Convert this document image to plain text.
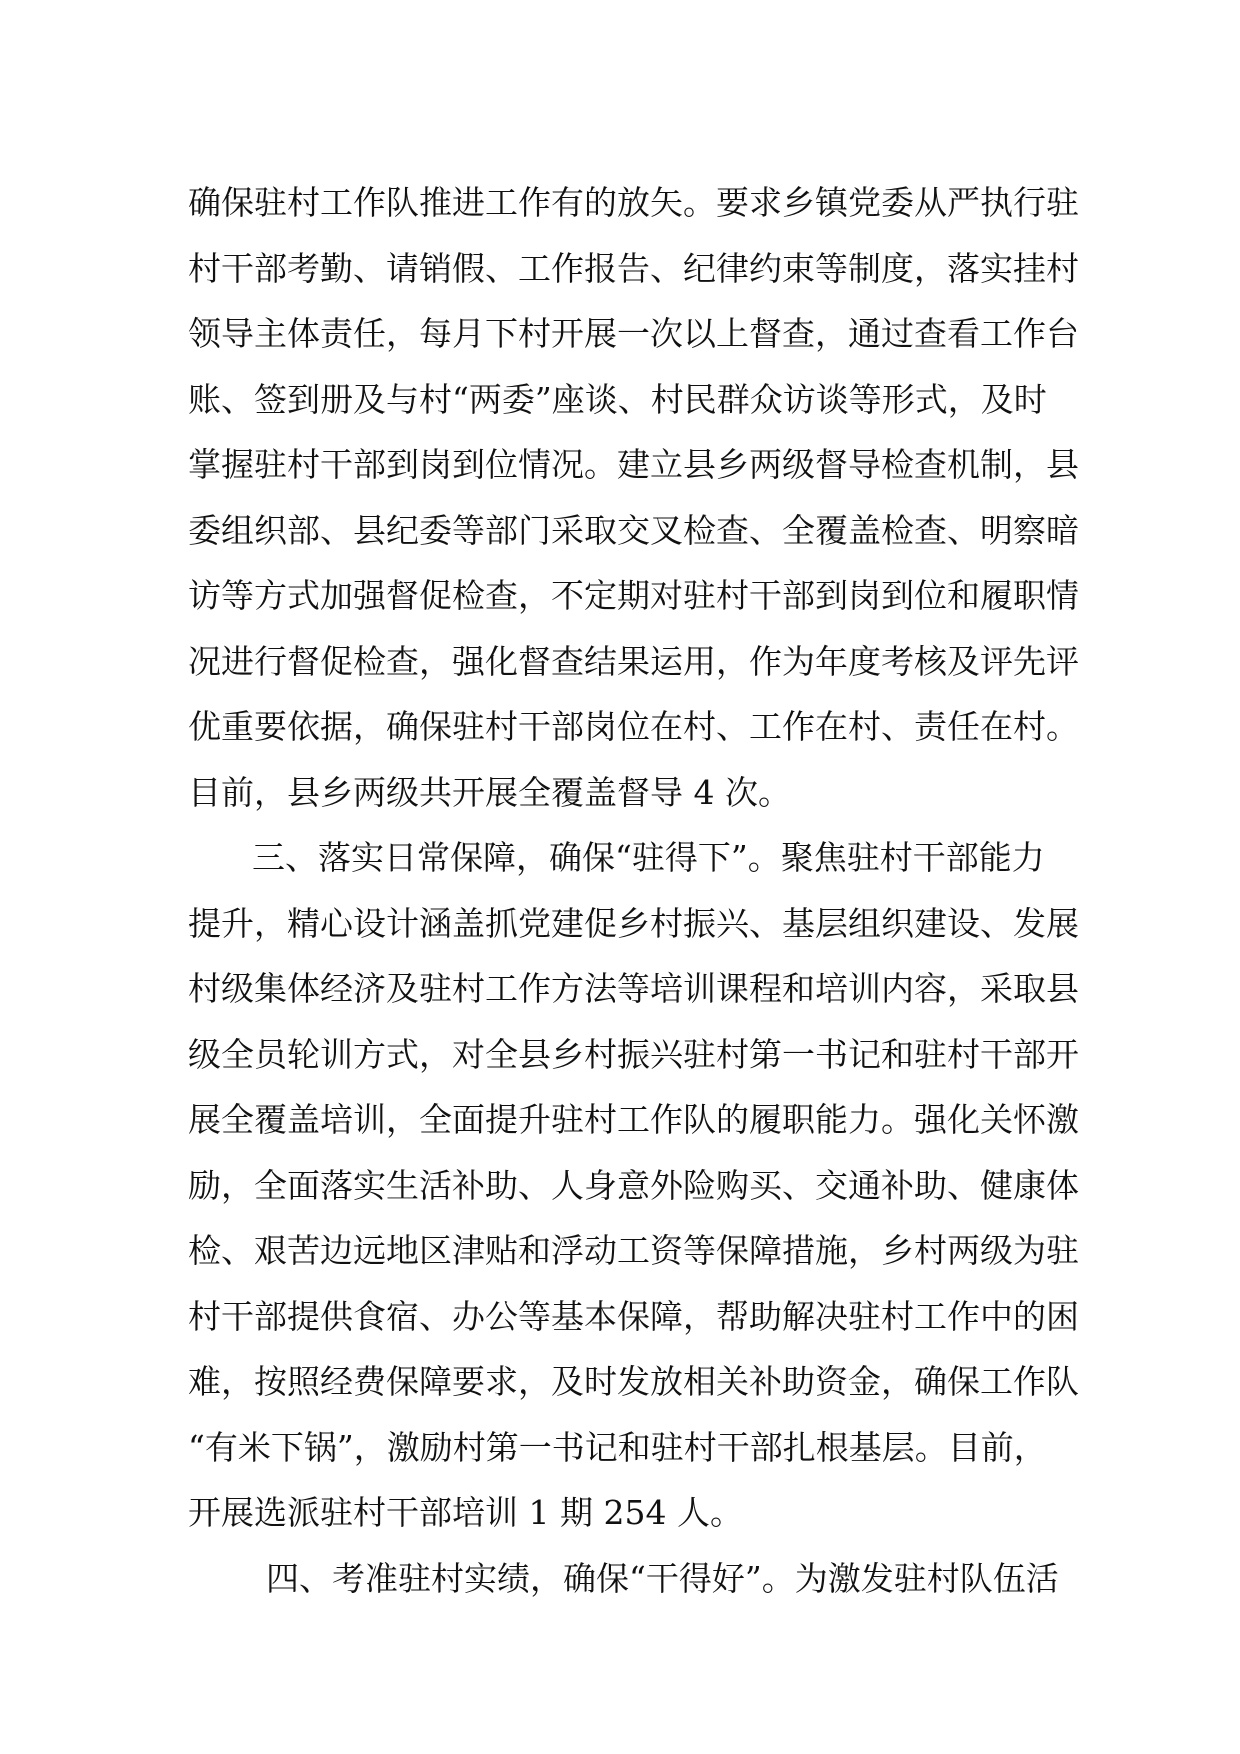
确保驻村工作队推进工作有的放矢。要求乡镇党委从严执行驻
村干部考勤、请销假、工作报告、纪律约束等制度，落实挂村
领导主体责任，每月下村开展一次以上督查，通过查看工作台
账、签到册及与村“两委”座谈、村民群众访谈等形式，及时
掌握驻村干部到岗到位情况。建立县乡两级督导检查机制，县
委组织部、县纪委等部门采取交叉检查、全覆盖检查、明察暗
访等方式加强督促检查，不定期对驻村干部到岗到位和履职情
况进行督促检查，强化督查结果运用，作为年度考核及评先评
优重要依据，确保驻村干部岗位在村、工作在村、责任在村。
目前，县乡两级共开展全覆盖督导 4 次。
三、落实日常保障，确保“驻得下”。聚焦驻村干部能力
提升，精心设计涵盖抓党建促乡村振兴、基层组织建设、发展
村级集体经济及驻村工作方法等培训课程和培训内容，采取县
级全员轮训方式，对全县乡村振兴驻村第一书记和驻村干部开
展全覆盖培训，全面提升驻村工作队的履职能力。强化关怀激
励，全面落实生活补助、人身意外险购买、交通补助、健康体
检、艰苦边远地区津贴和浮动工资等保障措施，乡村两级为驻
村干部提供食宿、办公等基本保障，帮助解决驻村工作中的困
难，按照经费保障要求，及时发放相关补助资金，确保工作队
“有米下锅”，激励村第一书记和驻村干部扎根基层。目前，
开展选派驻村干部培训 1 期 254 人。
四、考准驻村实绩，确保“干得好”。为激发驻村队伍活
